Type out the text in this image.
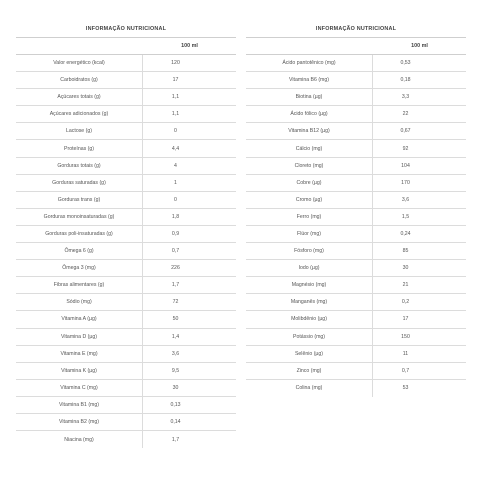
INFORMAÇÃO NUTRICIONAL
100 ml
Valor energético (kcal)	120
Carboidratos (g)	17
Açúcares totais (g)	1,1
Açúcares adicionados (g)	1,1
Lactose (g)	0
Proteínas (g)	4,4
Gorduras totais (g)	4
Gorduras saturadas (g)	1
Gorduras trans (g)	0
Gorduras monoinsaturadas (g)	1,8
Gorduras poli-insaturadas (g)	0,9
Ômega 6 (g)	0,7
Ômega 3 (mg)	226
Fibras alimentares (g)	1,7
Sódio (mg)	72
Vitamina A (µg)	50
Vitamina D (µg)	1,4
Vitamina E (mg)	3,6
Vitamina K (µg)	9,5
Vitamina C (mg)	30
Vitamina B1 (mg)	0,13
Vitamina B2 (mg)	0,14
Niacina (mg)	1,7
INFORMAÇÃO NUTRICIONAL
100 ml
Ácido pantotênico (mg)	0,53
Vitamina B6 (mg)	0,18
Biotina (µg)	3,3
Ácido fólico (µg)	22
Vitamina B12 (µg)	0,67
Cálcio (mg)	92
Cloreto (mg)	104
Cobre (µg)	170
Cromo (µg)	3,6
Ferro (mg)	1,5
Flúor (mg)	0,24
Fósforo (mg)	85
Iodo (µg)	30
Magnésio (mg)	21
Manganês (mg)	0,2
Molibdênio (µg)	17
Potássio (mg)	150
Selênio (µg)	11
Zinco (mg)	0,7
Colina (mg)	53
